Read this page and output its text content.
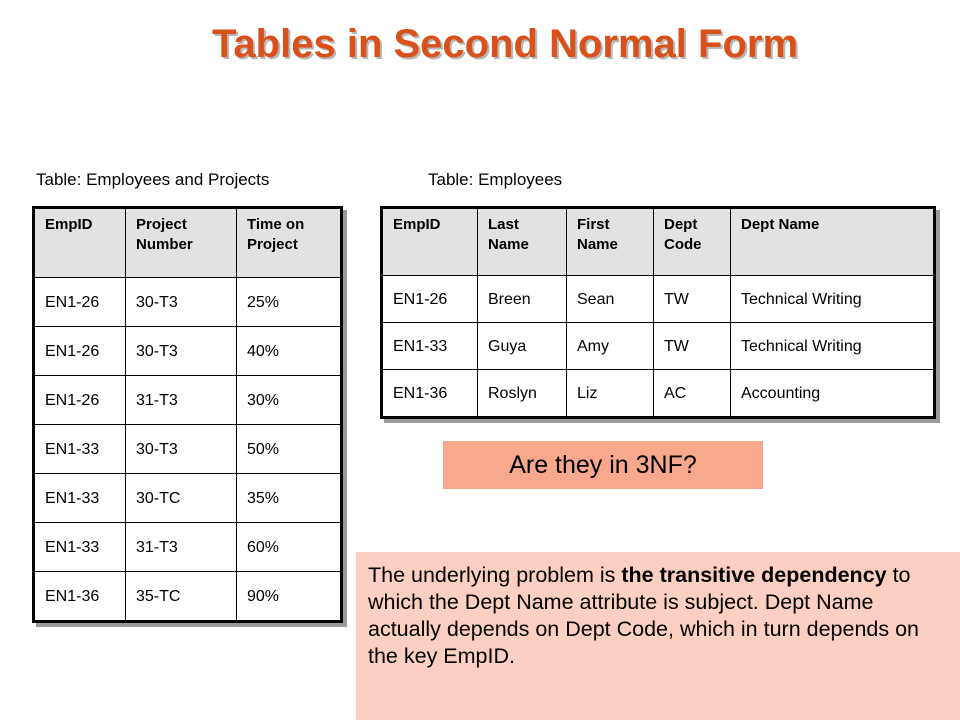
Tables in Second Normal Form
Table: Employees and Projects	Table: Employees
EmpID	Project Number	Time on Project
EN1-26	30-T3	25%
EN1-26	30-T3	40%
EN1-26	31-T3	30%
EN1-33	30-T3	50%
EN1-33	30-TC	35%
EN1-33	31-T3	60%
EN1-36	35-TC	90%
EmpID	Last Name	First Name	Dept Code	Dept Name
EN1-26	Breen	Sean	TW	Technical Writing
EN1-33	Guya	Amy	TW	Technical Writing
EN1-36	Roslyn	Liz	AC	Accounting
Are they in 3NF?
The underlying problem is the transitive dependency to which the Dept Name attribute is subject. Dept Name actually depends on Dept Code, which in turn depends on the key EmpID.
